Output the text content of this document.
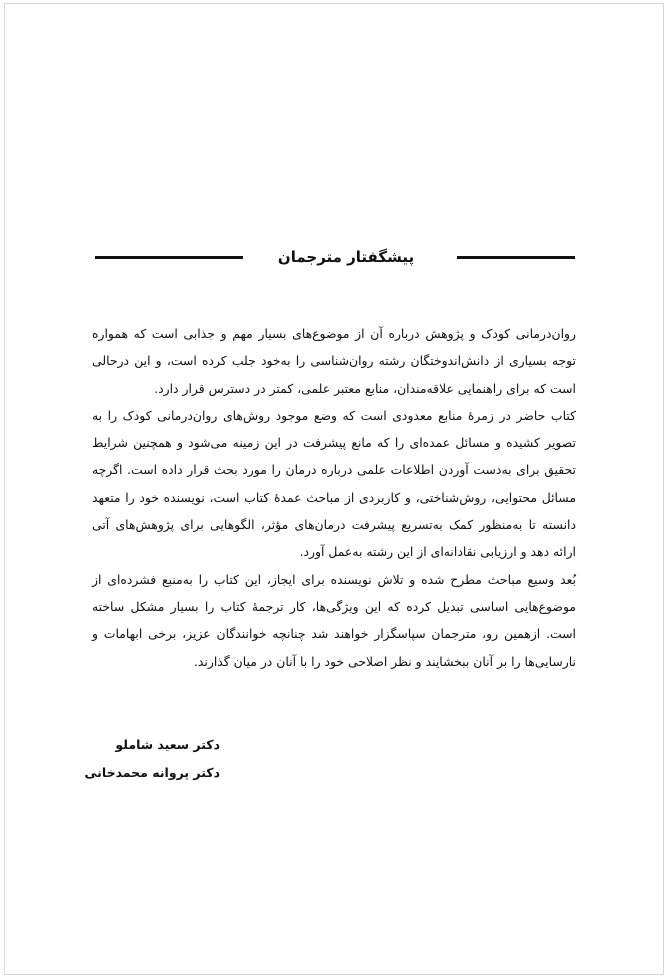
پیشگفتار مترجمان

روان‌درمانی کودک و پژوهش درباره آن از موضوع‌های بسیار مهم و جذابی است که همواره توجه بسیاری از دانش‌اندوختگان رشته روان‌شناسی را به‌خود جلب کرده است، و این درحالی است که برای راهنمایی علاقه‌مندان، منابع معتبر علمی، کمتر در دسترس قرار دارد.

کتاب حاضر در زمرهٔ منابع معدودی است که وضع موجود روش‌های روان‌درمانی کودک را به تصویر کشیده و مسائل عمده‌ای را که مانع پیشرفت در این زمینه می‌شود و همچنین شرایط تحقیق برای به‌دست آوردن اطلاعات علمی درباره درمان را مورد بحث قرار داده است. اگرچه مسائل محتوایی، روش‌شناختی، و کاربردی از مباحث عمدهٔ کتاب است، نویسنده خود را متعهد دانسته تا به‌منظور کمک به‌تسریع پیشرفت درمان‌های مؤثر، الگوهایی برای پژوهش‌های آتی ارائه دهد و ارزیابی نقادانه‌ای از این رشته به‌عمل آورد.

بُعد وسیع مباحث مطرح شده و تلاش نویسنده برای ایجاز، این کتاب را به‌منبع فشرده‌ای از موضوع‌هایی اساسی تبدیل کرده که این ویژگی‌ها، کار ترجمهٔ کتاب را بسیار مشکل ساخته است. ازهمین رو، مترجمان سپاسگزار خواهند شد چنانچه خوانندگان عزیز، برخی ابهامات و نارسایی‌ها را بر آنان ببخشایند و نظر اصلاحی خود را با آنان در میان گذارند.

دکتر سعید شاملو
دکتر پروانه محمدخانی
